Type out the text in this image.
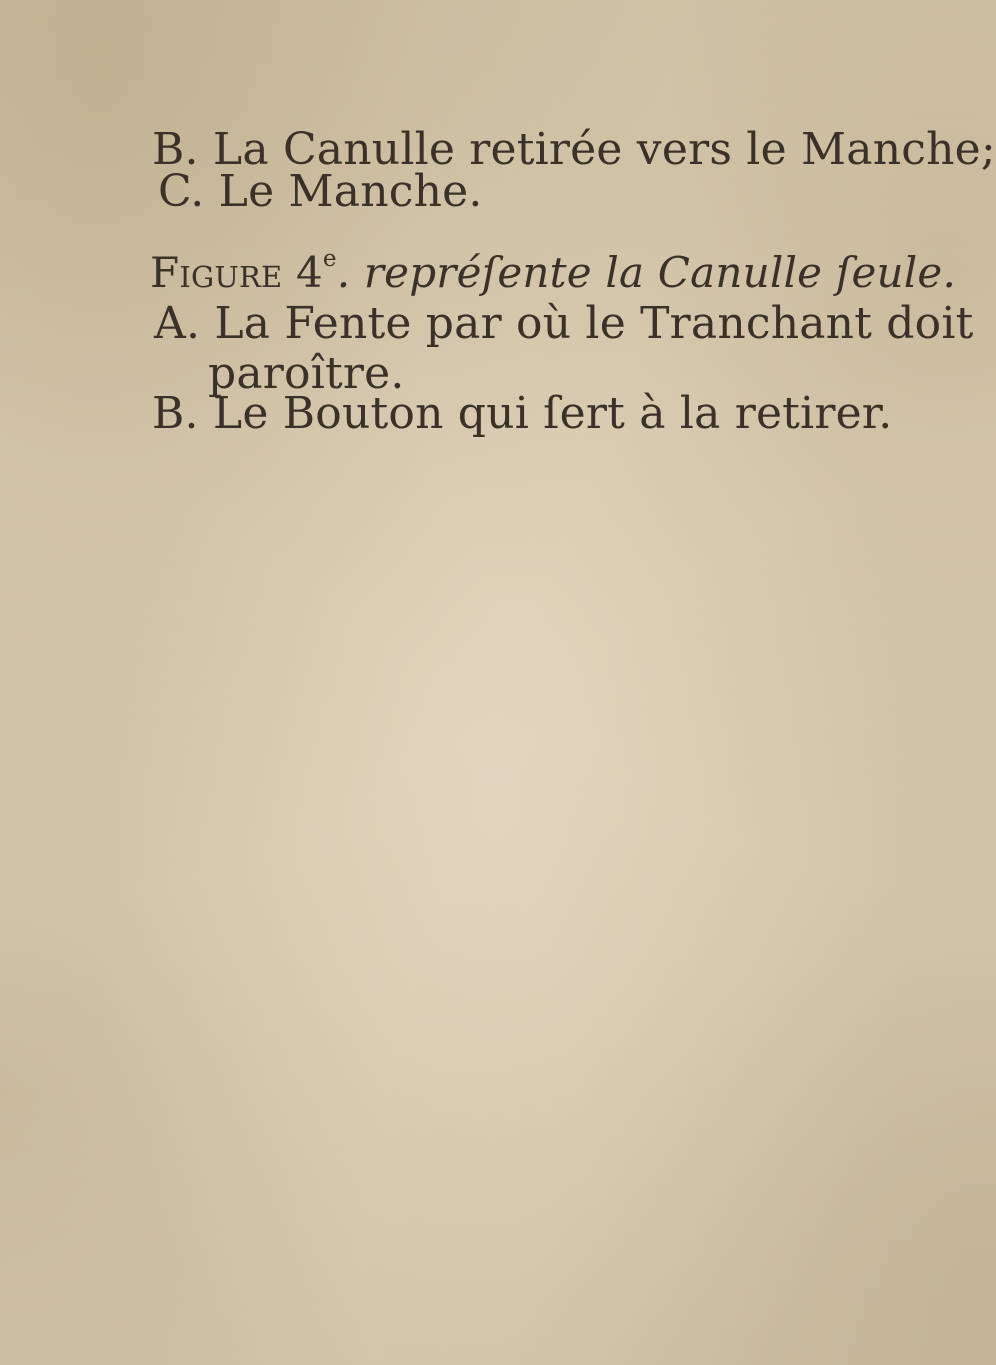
B. La Canulle retirée vers le Manche;
C. Le Manche.
Figure 4e. repréſente la Canulle ſeule.
A. La Fente par où le Tranchant doit
paroître.
B. Le Bouton qui ſert à la retirer.
